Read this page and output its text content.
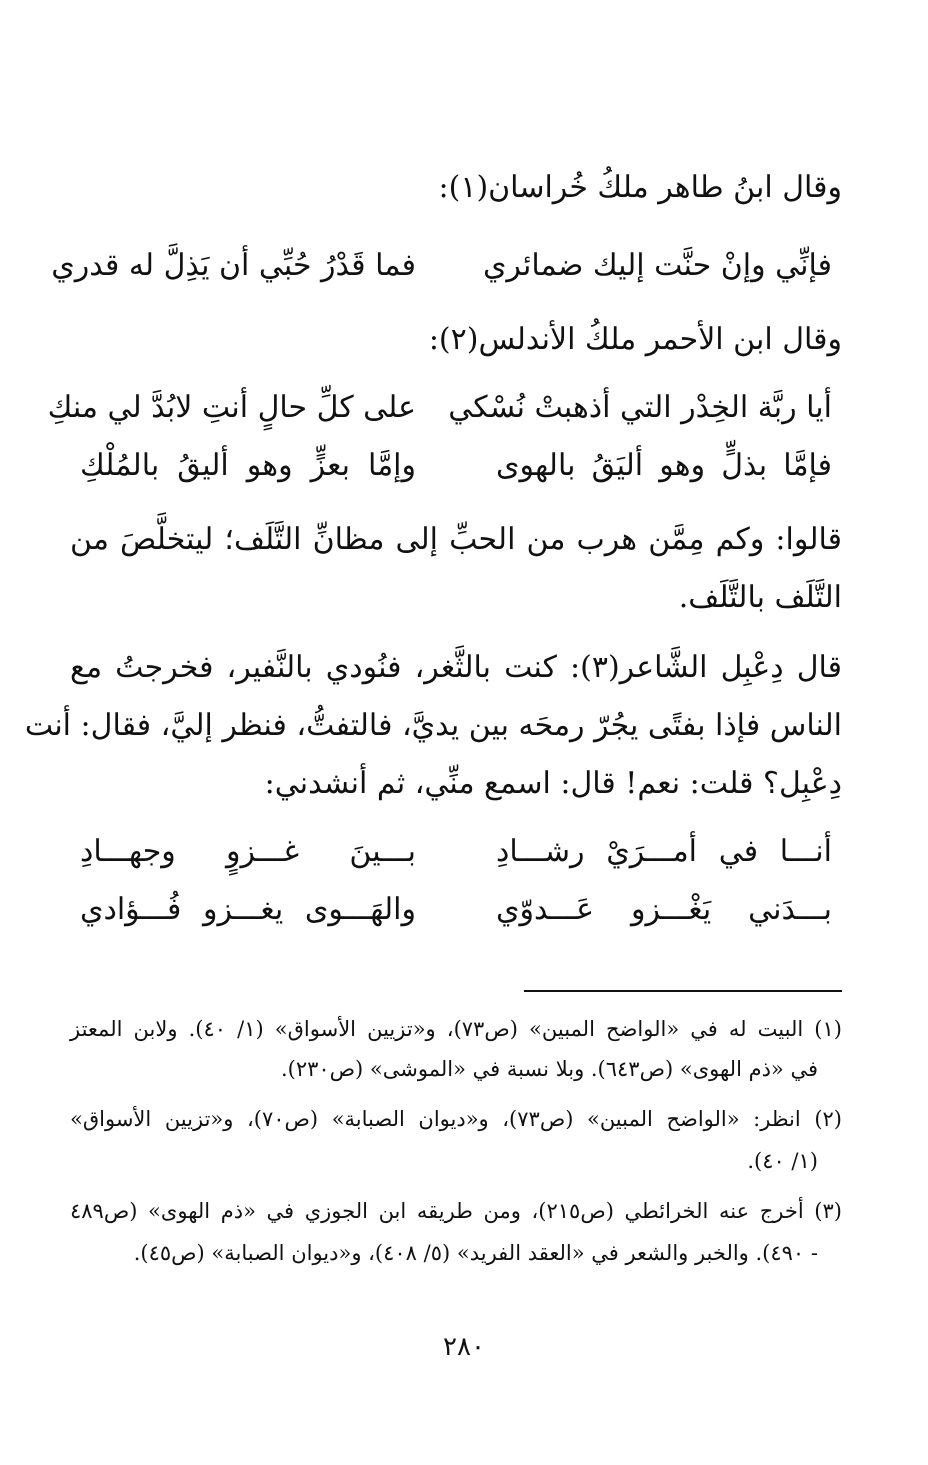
وقال ابنُ طاهر ملكُ خُراسان(١):
فإنِّي وإنْ حنَّت إليك ضمائري
فما قَدْرُ حُبِّي أن يَذِلَّ له قدري
وقال ابن الأحمر ملكُ الأندلس(٢):
أيا ربَّة الخِدْر التي أذهبتْ نُسْكي
على كلِّ حالٍ أنتِ لابُدَّ لي منكِ
فإمَّا بذلٍّ وهو أليَقُ بالهوى
وإمَّا بعزٍّ وهو أليقُ بالمُلْكِ
قالوا: وكم مِمَّن هرب من الحبِّ إلى مظانِّ التَّلَف؛ ليتخلَّصَ من
التَّلَف بالتَّلَف.
قال دِعْبِل الشَّاعر(٣): كنت بالثَّغر، فنُودي بالنَّفير، فخرجتُ مع
الناس فإذا بفتًى يجُرّ رمحَه بين يديَّ، فالتفتُّ، فنظر إليَّ، فقال: أنت
دِعْبِل؟ قلت: نعم! قال: اسمع منِّي، ثم أنشدني:
أنـــا في أمـــرَيْ رشـــادِ
بـــينَ غـــزوٍ وجهـــادِ
بـــدَني يَغْـــزو عَـــدوّي
والهَـــوى يغـــزو فُـــؤادي
(١) البيت له في «الواضح المبين» (ص٧٣)، و«تزيين الأسواق» (١/ ٤٠). ولابن المعتز
في «ذم الهوى» (ص٦٤٣). وبلا نسبة في «الموشى» (ص٢٣٠).
(٢) انظر: «الواضح المبين» (ص٧٣)، و«ديوان الصبابة» (ص٧٠)، و«تزيين الأسواق»
(١/ ٤٠).
(٣) أخرج عنه الخرائطي (ص٢١٥)، ومن طريقه ابن الجوزي في «ذم الهوى» (ص٤٨٩
- ٤٩٠). والخبر والشعر في «العقد الفريد» (٥/ ٤٠٨)، و«ديوان الصبابة» (ص٤٥).
٢٨٠
